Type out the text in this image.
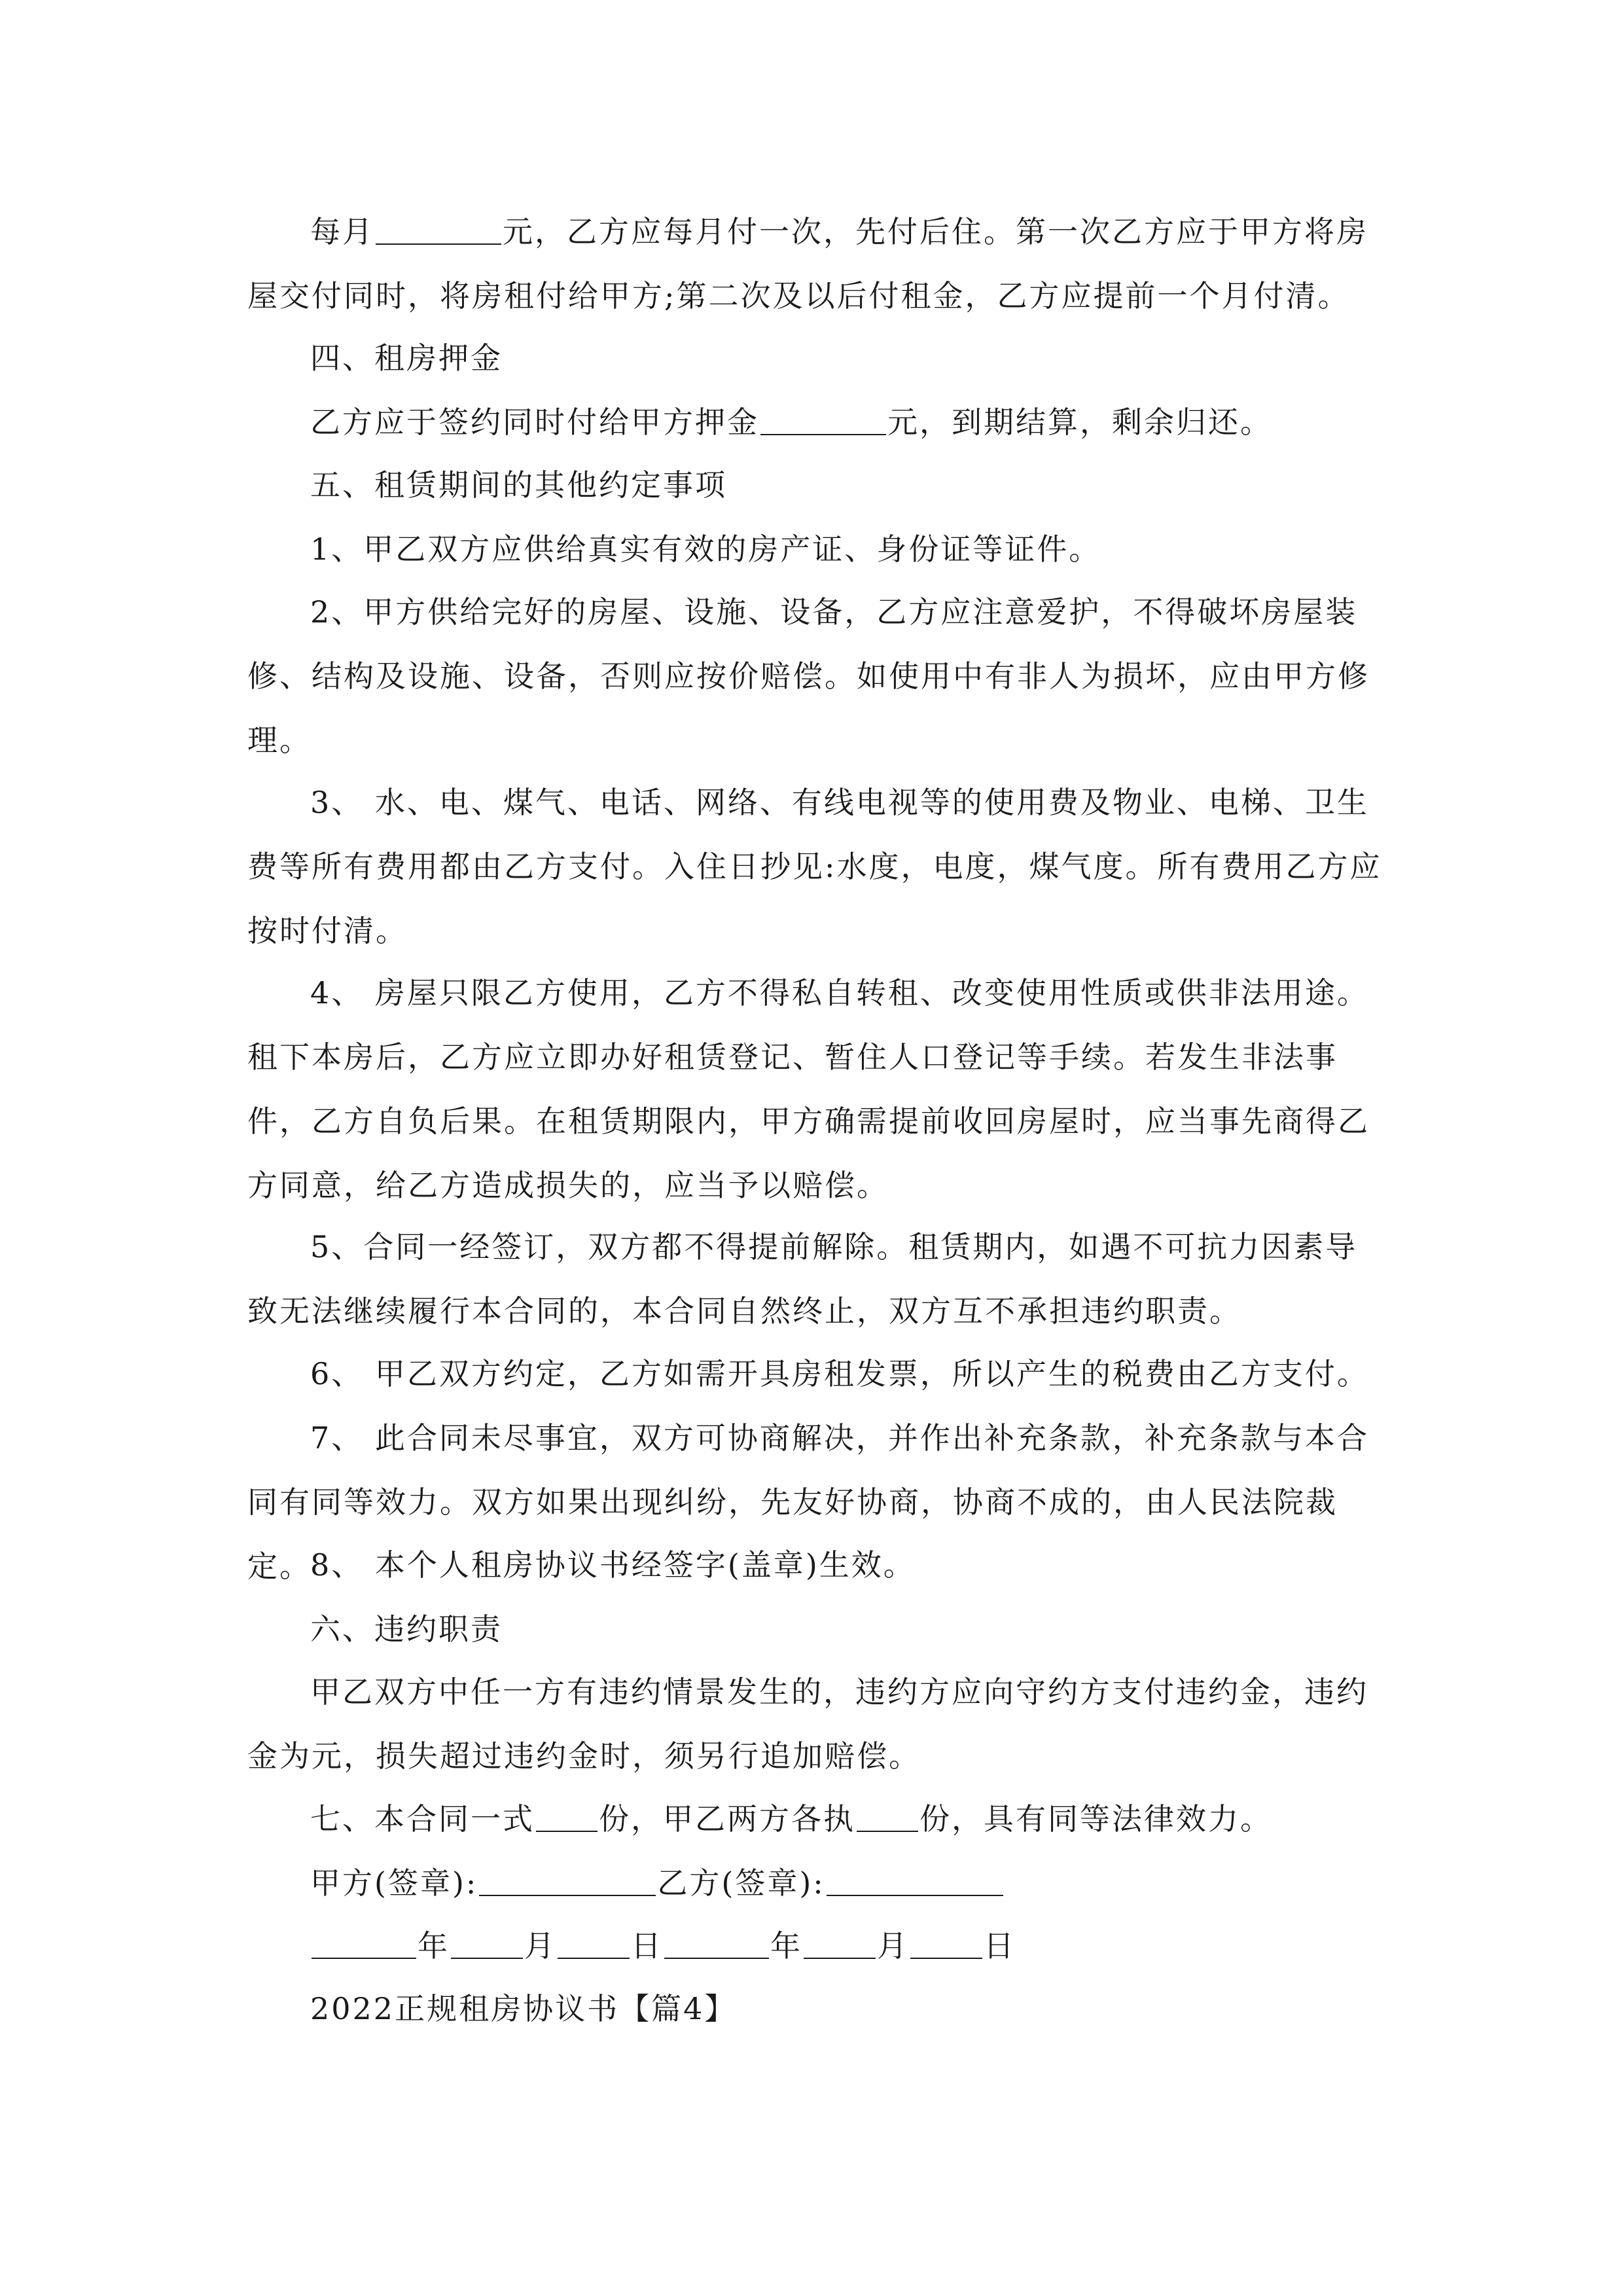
每月	元，乙方应每月付一次，先付后住。第一次乙方应于甲方将房屋交付同时，将房租付给甲方;第二次及以后付租金，乙方应提前一个月付清。

四、租房押金

乙方应于签约同时付给甲方押金	元，到期结算，剩余归还。

五、租赁期间的其他约定事项

1、甲乙双方应供给真实有效的房产证、身份证等证件。

2、甲方供给完好的房屋、设施、设备，乙方应注意爱护，不得破坏房屋装修、结构及设施、设备，否则应按价赔偿。如使用中有非人为损坏，应由甲方修理。

3、 水、电、煤气、电话、网络、有线电视等的使用费及物业、电梯、卫生费等所有费用都由乙方支付。入住日抄见:水度，电度，煤气度。所有费用乙方应按时付清。

4、 房屋只限乙方使用，乙方不得私自转租、改变使用性质或供非法用途。租下本房后，乙方应立即办好租赁登记、暂住人口登记等手续。若发生非法事件，乙方自负后果。在租赁期限内，甲方确需提前收回房屋时，应当事先商得乙方同意，给乙方造成损失的，应当予以赔偿。

5、合同一经签订，双方都不得提前解除。租赁期内，如遇不可抗力因素导致无法继续履行本合同的，本合同自然终止，双方互不承担违约职责。

6、 甲乙双方约定，乙方如需开具房租发票，所以产生的税费由乙方支付。

7、 此合同未尽事宜，双方可协商解决，并作出补充条款，补充条款与本合同有同等效力。双方如果出现纠纷，先友好协商，协商不成的，由人民法院裁定。

8、 本个人租房协议书经签字(盖章)生效。

六、违约职责

甲乙双方中任一方有违约情景发生的，违约方应向守约方支付违约金，违约金为元，损失超过违约金时，须另行追加赔偿。

七、本合同一式 份，甲乙两方各执 份，具有同等法律效力。

甲方(签章):	乙方(签章):

年 月 日	年 月 日

2022正规租房协议书【篇4】
